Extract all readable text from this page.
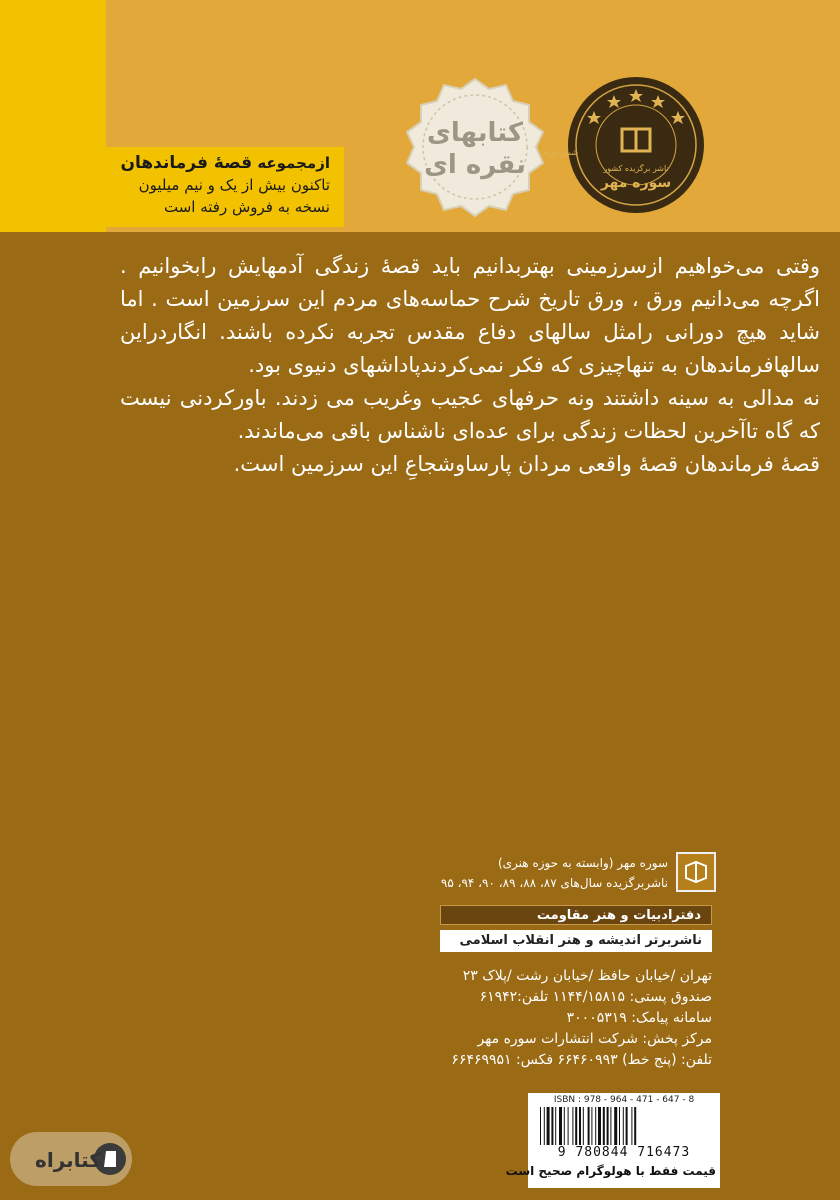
ازمجموعه قصهٔ فرماندهان
تاکنون بیش از یک و نیم میلیون
نسخه به فروش رفته است
کتابهای
نقره ای
سوره مهر
ناشر برگزیده کشور
شش دوره

وقتی می‌خواهیم ازسرزمینی بهتربدانیم باید قصهٔ زندگی آدمهایش رابخوانیم . اگرچه می‌دانیم ورق ، ورق تاریخ شرح حماسه‌های مردم این سرزمین است . اما شاید هیچ دورانی رامثل سالهای دفاع مقدس تجربه نکرده باشند. انگاردراین سالهافرماندهان به تنهاچیزی که فکر نمی‌کردندپاداشهای دنیوی بود.

نه مدالی به سینه داشتند ونه حرفهای عجیب وغریب می زدند. باورکردنی نیست که گاه تاآخرین لحظات زندگی برای عده‌ای ناشناس باقی می‌ماندند.

قصهٔ فرماندهان قصهٔ واقعی مردان پارساوشجاعِ این سرزمین است.

سوره مهر (وابسته به حوزه هنری)
ناشربرگزیده سال‌های ۸۷، ۸۸، ۸۹، ۹۰، ۹۴، ۹۵
دفترادبیات و هنر مقاومت
ناشربرتر اندیشه و هنر انقلاب اسلامی
تهران /خیابان حافظ /خیابان رشت /پلاک ۲۳
صندوق پستی: ۱۱۴۴/۱۵۸۱۵ تلفن:۶۱۹۴۲
سامانه پیامک: ۳۰۰۰۵۳۱۹
مرکز پخش: شرکت انتشارات سوره مهر
تلفن: (پنج خط) ۶۶۴۶۰۹۹۳ فکس: ۶۶۴۶۹۹۵۱
ISBN : 978 - 964 - 471 - 647 - 8
9 780844 716473
قیمت فقط با هولوگرام صحیح است
کتابراه
